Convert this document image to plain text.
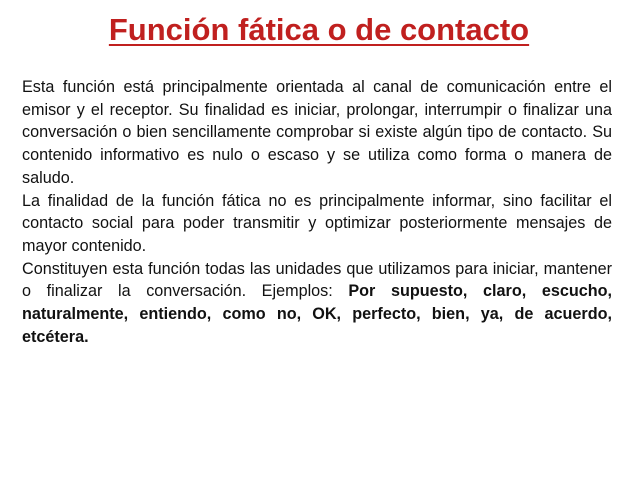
Función fática o de contacto

Esta función está principalmente orientada al canal de comunicación entre el emisor y el receptor. Su finalidad es iniciar, prolongar, interrumpir o finalizar una conversación o bien sencillamente comprobar si existe algún tipo de contacto. Su contenido informativo es nulo o escaso y se utiliza como forma o manera de saludo.

La finalidad de la función fática no es principalmente informar, sino facilitar el contacto social para poder transmitir y optimizar posteriormente mensajes de mayor contenido.

Constituyen esta función todas las unidades que utilizamos para iniciar, mantener o finalizar la conversación. Ejemplos: Por supuesto, claro, escucho, naturalmente, entiendo, como no, OK, perfecto, bien, ya, de acuerdo, etcétera.
